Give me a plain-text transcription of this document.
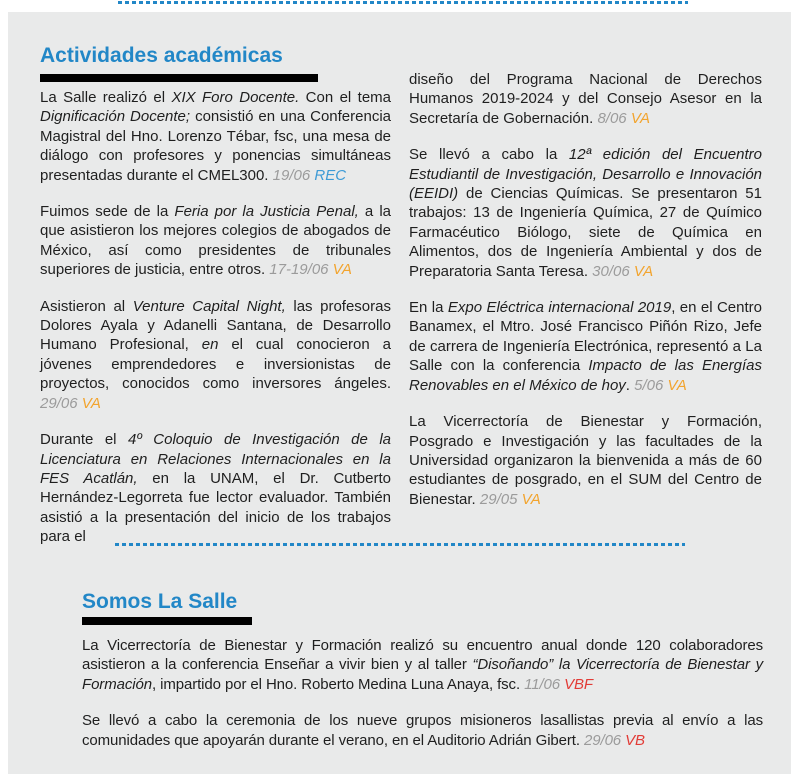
Actividades académicas

La Salle realizó el XIX Foro Docente. Con el tema Dignificación Docente; consistió en una Conferencia Magistral del Hno. Lorenzo Tébar, fsc, una mesa de diálogo con profesores y ponencias simultáneas presentadas durante el CMEL300. 19/06 REC

Fuimos sede de la Feria por la Justicia Penal, a la que asistieron los mejores colegios de abogados de México, así como presidentes de tribunales superiores de justicia, entre otros. 17-19/06 VA

Asistieron al Venture Capital Night, las profesoras Dolores Ayala y Adanelli Santana, de Desarrollo Humano Profesional, en el cual conocieron a jóvenes emprendedores e inversionistas de proyectos, conocidos como inversores ángeles. 29/06 VA

Durante el 4º Coloquio de Investigación de la Licenciatura en Relaciones Internacionales en la FES Acatlán, en la UNAM, el Dr. Cutberto Hernández-Legorreta fue lector evaluador. También asistió a la presentación del inicio de los trabajos para el

diseño del Programa Nacional de Derechos Humanos 2019-2024 y del Consejo Asesor en la Secretaría de Gobernación. 8/06 VA

Se llevó a cabo la 12ª edición del Encuentro Estudiantil de Investigación, Desarrollo e Innovación (EEIDI) de Ciencias Químicas. Se presentaron 51 trabajos: 13 de Ingeniería Química, 27 de Químico Farmacéutico Biólogo, siete de Química en Alimentos, dos de Ingeniería Ambiental y dos de Preparatoria Santa Teresa. 30/06 VA

En la Expo Eléctrica internacional 2019, en el Centro Banamex, el Mtro. José Francisco Piñón Rizo, Jefe de carrera de Ingeniería Electrónica, representó a La Salle con la conferencia Impacto de las Energías Renovables en el México de hoy. 5/06 VA

La Vicerrectoría de Bienestar y Formación, Posgrado e Investigación y las facultades de la Universidad organizaron la bienvenida a más de 60 estudiantes de posgrado, en el SUM del Centro de Bienestar. 29/05 VA

Somos La Salle

La Vicerrectoría de Bienestar y Formación realizó su encuentro anual donde 120 colaboradores asistieron a la conferencia Enseñar a vivir bien y al taller “Disoñando” la Vicerrectoría de Bienestar y Formación, impartido por el Hno. Roberto Medina Luna Anaya, fsc. 11/06 VBF

Se llevó a cabo la ceremonia de los nueve grupos misioneros lasallistas previa al envío a las comunidades que apoyarán durante el verano, en el Auditorio Adrián Gibert. 29/06 VB
